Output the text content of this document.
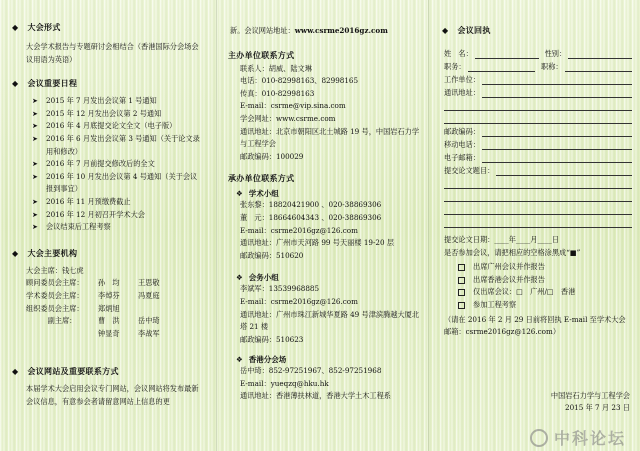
◆ 大会形式

大会学术报告与专题研讨会相结合（香港国际分会场会议用语为英语）

◆ 会议重要日程
➤ 2015 年 7 月发出会议第 1 号通知
➤ 2015 年 12 月发出会议第 2 号通知
➤ 2016 年 4 月底提交论文全文（电子版）
➤ 2016 年 6 月发出会议第 3 号通知（关于论文录用和修改）
➤ 2016 年 7 月前提交修改后的全文
➤ 2016 年 10 月发出会议第 4 号通知（关于会议报到事宜）
➤ 2016 年 11 月预缴费截止
➤ 2016 年 12 月初召开学术大会
➤ 会议结束后工程考察
◆ 大会主要机构
大会主席：钱七虎
顾问委员会主席：	孙　均	王思敬
学术委员会主席：	李焯芬	冯夏庭
组织委员会主席：	郑炳旭
　　　副主席：	曹　洪	岳中琦
钟显奇	李战军
◆ 会议网站及重要联系方式

本届学术大会启用会议专门网站，会议网站将发布最新会议信息，有意参会者请留意网站上信息的更

新。会议网站地址：www.csrme2016gz.com

主办单位联系方式
联系人：胡威、陆文琳
电话：010-82998163、82998165
传真：010-82998163
E-mail：csrme@vip.sina.com
学会网址：www.csrme.com
通讯地址：北京市朝阳区北土城路 19 号，中国岩石力学与工程学会
邮政编码：100029
承办单位联系方式
❖ 学术小组
张东黎：18820421900 、020-38869306
董　元：18664604343 、020-38869306
E-mail：csrme2016gz@126.com
通讯地址：广州市天河路 99 号天丽楼 19-20 层
邮政编码：510620
❖ 会务小组
李斌军：13539968885
E-mail：csrme2016gz@126.com
通讯地址：广州市珠江新城华夏路 49 号津滨腾越大厦北塔 21 楼
邮政编码：510623
❖ 香港分会场
岳中琦：852-97251967、852-97251968
E-mail：yueqzq@hku.hk
通讯地址：香港薄扶林道，香港大学土木工程系
◆ 会议回执
姓　名：	性别：
职务：	职称：
工作单位：
通讯地址：
邮政编码：
移动电话：
电子邮箱：
提交论文题目：

提交论文日期：____年____月____日

是否参加会议，请把相应的空格涂黑成“■”

出席广州会议并作报告
出席香港会议并作报告
仅出席会议：□　广州/□　香港
参加工程考察

（请在 2016 年 2 月 29 日前将回执 E-mail 至学术大会邮箱：csrme2016gz@126.com）

中国岩石力学与工程学会
2015 年 7 月 23 日
中科论坛
